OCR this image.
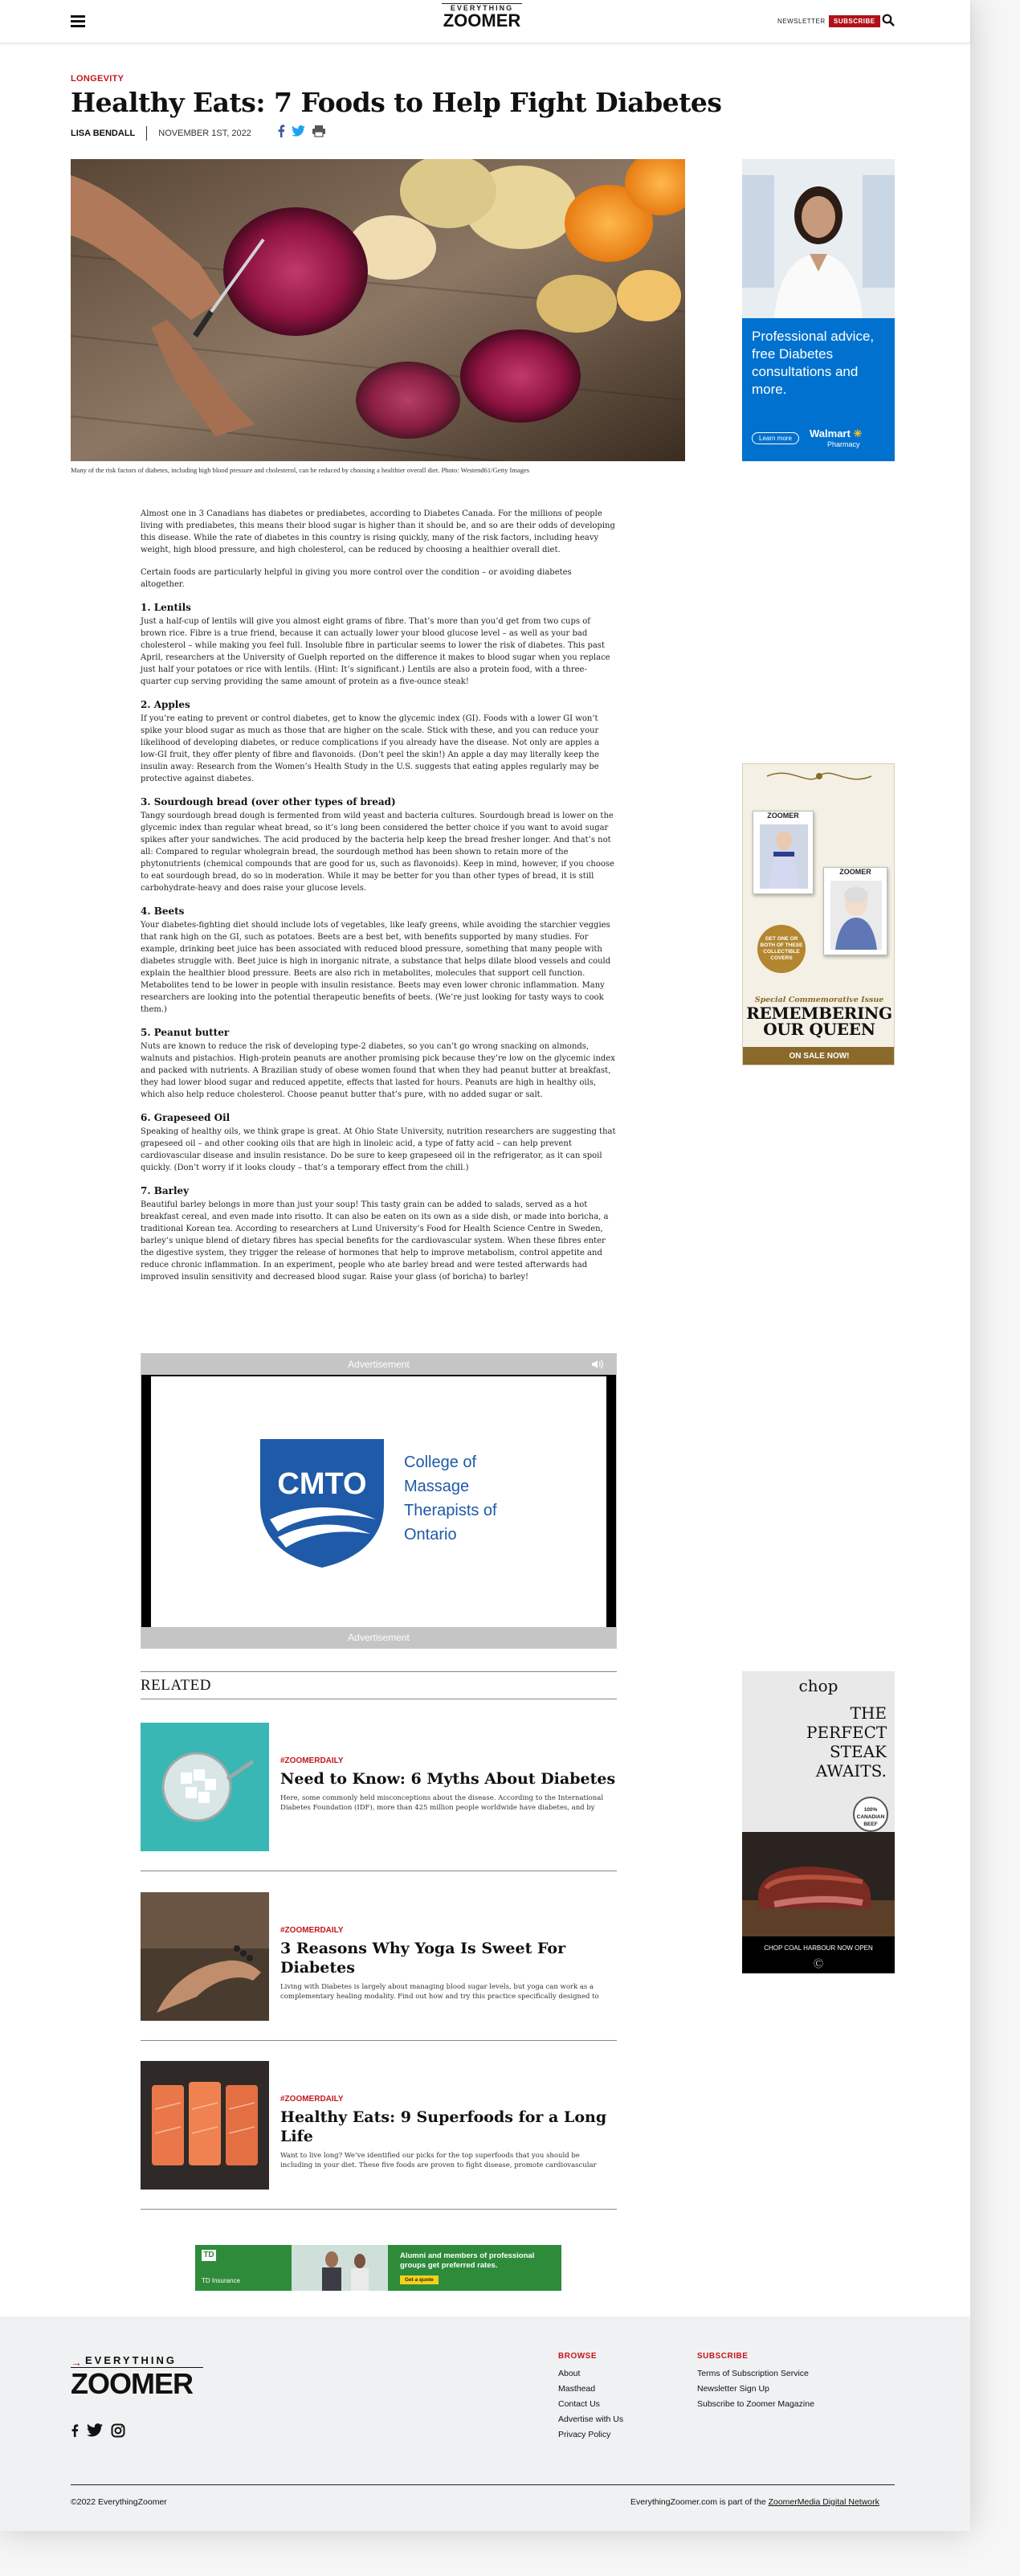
EVERYTHING
ZOOMER	NEWSLETTER	SUBSCRIBE
LONGEVITY
Healthy Eats: 7 Foods to Help Fight Diabetes
LISA BENDALL	NOVEMBER 1ST, 2022
Many of the risk factors of diabetes, including high blood pressure and cholesterol, can be reduced by choosing a healthier overall diet. Photo: Westend61/Getty Images
Professional advice, free Diabetes consultations and more.
Learn more	Walmart ✳
Pharmacy

Almost one in 3 Canadians has diabetes or prediabetes, according to Diabetes Canada. For the millions of people living with prediabetes, this means their blood sugar is higher than it should be, and so are their odds of developing this disease. While the rate of diabetes in this country is rising quickly, many of the risk factors, including heavy weight, high blood pressure, and high cholesterol, can be reduced by choosing a healthier overall diet.

Certain foods are particularly helpful in giving you more control over the condition – or avoiding diabetes altogether.

1. Lentils

Just a half-cup of lentils will give you almost eight grams of fibre. That’s more than you’d get from two cups of brown rice. Fibre is a true friend, because it can actually lower your blood glucose level – as well as your bad cholesterol – while making you feel full. Insoluble fibre in particular seems to lower the risk of diabetes. This past April, researchers at the University of Guelph reported on the difference it makes to blood sugar when you replace just half your potatoes or rice with lentils. (Hint: It’s significant.) Lentils are also a protein food, with a three-quarter cup serving providing the same amount of protein as a five-ounce steak!

2. Apples

If you’re eating to prevent or control diabetes, get to know the glycemic index (GI). Foods with a lower GI won’t spike your blood sugar as much as those that are higher on the scale. Stick with these, and you can reduce your likelihood of developing diabetes, or reduce complications if you already have the disease. Not only are apples a low-GI fruit, they offer plenty of fibre and flavonoids. (Don’t peel the skin!) An apple a day may literally keep the insulin away: Research from the Women’s Health Study in the U.S. suggests that eating apples regularly may be protective against diabetes.

3. Sourdough bread (over other types of bread)

Tangy sourdough bread dough is fermented from wild yeast and bacteria cultures. Sourdough bread is lower on the glycemic index than regular wheat bread, so it’s long been considered the better choice if you want to avoid sugar spikes after your sandwiches. The acid produced by the bacteria help keep the bread fresher longer. And that’s not all: Compared to regular wholegrain bread, the sourdough method has been shown to retain more of the phytonutrients (chemical compounds that are good for us, such as flavonoids). Keep in mind, however, if you choose to eat sourdough bread, do so in moderation. While it may be better for you than other types of bread, it is still carbohydrate-heavy and does raise your glucose levels.

4. Beets

Your diabetes-fighting diet should include lots of vegetables, like leafy greens, while avoiding the starchier veggies that rank high on the GI, such as potatoes. Beets are a best bet, with benefits supported by many studies. For example, drinking beet juice has been associated with reduced blood pressure, something that many people with diabetes struggle with. Beet juice is high in inorganic nitrate, a substance that helps dilate blood vessels and could explain the healthier blood pressure. Beets are also rich in metabolites, molecules that support cell function. Metabolites tend to be lower in people with insulin resistance. Beets may even lower chronic inflammation. Many researchers are looking into the potential therapeutic benefits of beets. (We’re just looking for tasty ways to cook them.)

5. Peanut butter

Nuts are known to reduce the risk of developing type-2 diabetes, so you can’t go wrong snacking on almonds, walnuts and pistachios. High-protein peanuts are another promising pick because they’re low on the glycemic index and packed with nutrients. A Brazilian study of obese women found that when they had peanut butter at breakfast, they had lower blood sugar and reduced appetite, effects that lasted for hours. Peanuts are high in healthy oils, which also help reduce cholesterol. Choose peanut butter that’s pure, with no added sugar or salt.

6. Grapeseed Oil

Speaking of healthy oils, we think grape is great. At Ohio State University, nutrition researchers are suggesting that grapeseed oil – and other cooking oils that are high in linoleic acid, a type of fatty acid – can help prevent cardiovascular disease and insulin resistance. Do be sure to keep grapeseed oil in the refrigerator, as it can spoil quickly. (Don’t worry if it looks cloudy – that’s a temporary effect from the chill.)

7. Barley

Beautiful barley belongs in more than just your soup! This tasty grain can be added to salads, served as a hot breakfast cereal, and even made into risotto. It can also be eaten on its own as a side dish, or made into boricha, a traditional Korean tea. According to researchers at Lund University’s Food for Health Science Centre in Sweden, barley’s unique blend of dietary fibres has special benefits for the cardiovascular system. When these fibres enter the digestive system, they trigger the release of hormones that help to improve metabolism, control appetite and reduce chronic inflammation. In an experiment, people who ate barley bread and were tested afterwards had improved insulin sensitivity and decreased blood sugar. Raise your glass (of boricha) to barley!

ZOOMER
ZOOMER
GET ONE OR BOTH OF THESE COLLECTIBLE COVERS
Special Commemorative Issue
REMEMBERING OUR QUEEN
ON SALE NOW!
Advertisement
CMTO
College of
Massage
Therapists of
Ontario
Advertisement
RELATED
#ZOOMERDAILY
Need to Know: 6 Myths About Diabetes
Here, some commonly held misconceptions about the disease. According to the International Diabetes Foundation (IDF), more than 425 million people worldwide have diabetes, and by
#ZOOMERDAILY
3 Reasons Why Yoga Is Sweet For Diabetes
Living with Diabetes is largely about managing blood sugar levels, but yoga can work as a complementary healing modality. Find out how and try this practice specifically designed to
#ZOOMERDAILY
Healthy Eats: 9 Superfoods for a Long Life
Want to live long? We’ve identified our picks for the top superfoods that you should be including in your diet. These five foods are proven to fight disease, promote cardiovascular
chop
THE PERFECT STEAK AWAITS.
100% CANADIAN BEEF
CHOP COAL HARBOUR NOW OPEN
Ⓒ
TD
TD Insurance
Alumni and members of professional groups get preferred rates.
Get a quote
→ EVERYTHING
ZOOMER
BROWSE
About
Masthead
Contact Us
Advertise with Us
Privacy Policy
SUBSCRIBE
Terms of Subscription Service
Newsletter Sign Up
Subscribe to Zoomer Magazine
©2022 EverythingZoomer	EverythingZoomer.com is part of the ZoomerMedia Digital Network
